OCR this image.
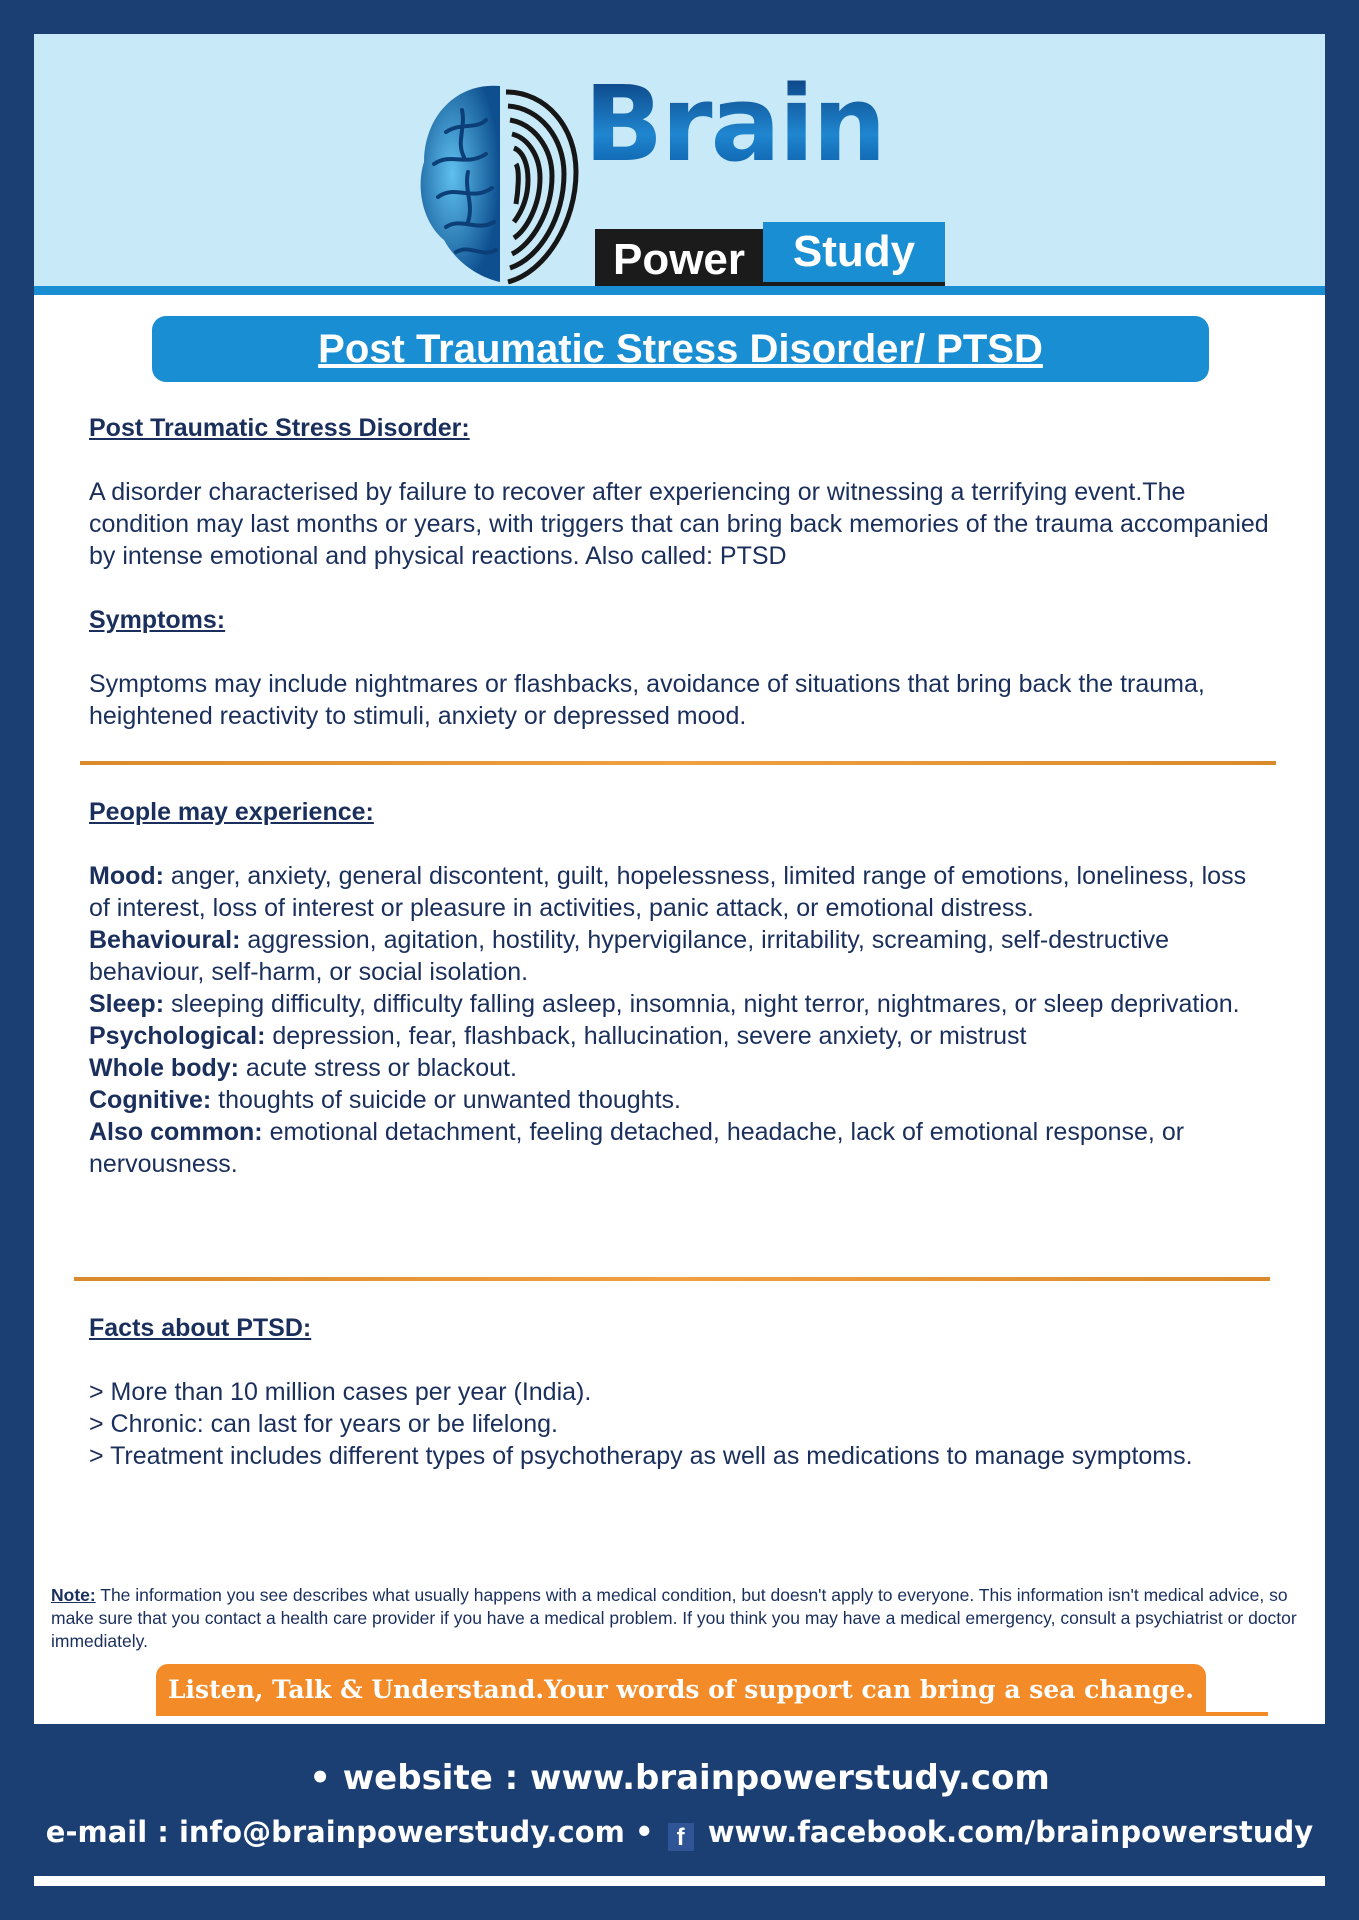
Brain
Power	Study
Post Traumatic Stress Disorder/ PTSD
Post Traumatic Stress Disorder:

A disorder characterised by failure to recover after experiencing or witnessing a terrifying event.The condition may last months or years, with triggers that can bring back memories of the trauma accompanied by intense emotional and physical reactions. Also called: PTSD

Symptoms:

Symptoms may include nightmares or flashbacks, avoidance of situations that bring back the trauma, heightened reactivity to stimuli, anxiety or depressed mood.

People may experience:

Mood: anger, anxiety, general discontent, guilt, hopelessness, limited range of emotions, loneliness, loss of interest, loss of interest or pleasure in activities, panic attack, or emotional distress.

Behavioural: aggression, agitation, hostility, hypervigilance, irritability, screaming, self-destructive behaviour, self-harm, or social isolation.

Sleep: sleeping difficulty, difficulty falling asleep, insomnia, night terror, nightmares, or sleep deprivation.

Psychological: depression, fear, flashback, hallucination, severe anxiety, or mistrust

Whole body: acute stress or blackout.

Cognitive: thoughts of suicide or unwanted thoughts.

Also common: emotional detachment, feeling detached, headache, lack of emotional response, or nervousness.

Facts about PTSD:

> More than 10 million cases per year (India).

> Chronic: can last for years or be lifelong.

> Treatment includes different types of psychotherapy as well as medications to manage symptoms.

Note: The information you see describes what usually happens with a medical condition, but doesn't apply to everyone. This information isn't medical advice, so make sure that you contact a health care provider if you have a medical problem. If you think you may have a medical emergency, consult a psychiatrist or doctor immediately.
Listen, Talk & Understand.Your words of support can bring a sea change.
• website : www.brainpowerstudy.com
e-mail : info@brainpowerstudy.com • f www.facebook.com/brainpowerstudy
